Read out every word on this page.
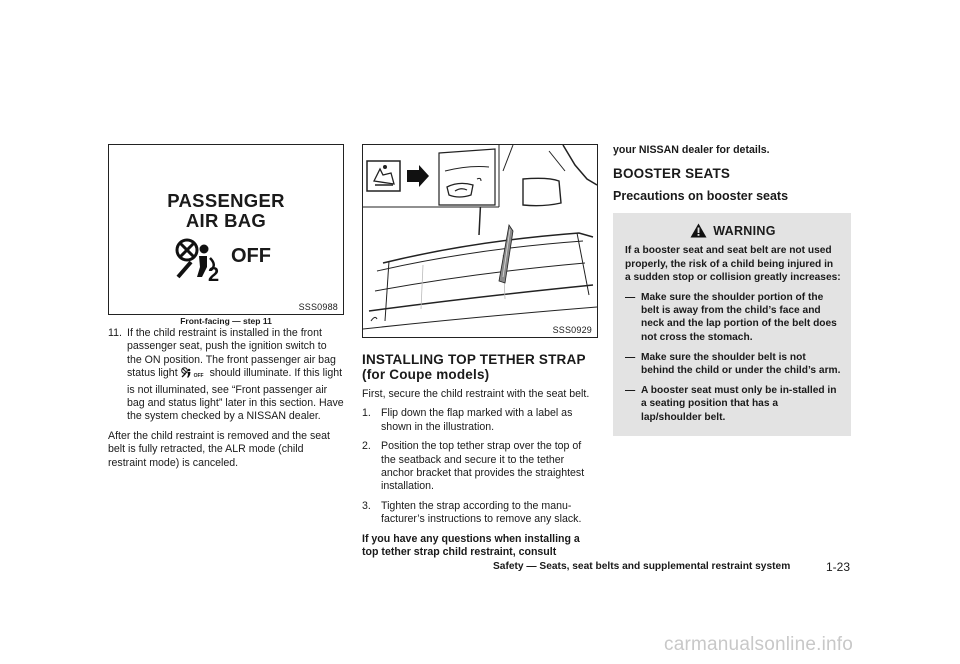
PASSENGER
AIR BAG
2
OFF
SSS0988
Front-facing — step 11
11. If the child restraint is installed in the front passenger seat, push the ignition switch to the ON position. The front passenger air bag status light	OFF should illuminate. If this light is not illuminated, see “Front passenger air bag and status light” later in this section. Have the system checked by a NISSAN dealer.

After the child restraint is removed and the seat belt is fully retracted, the ALR mode (child restraint mode) is canceled.

SSS0929
INSTALLING TOP TETHER STRAP (for Coupe models)

First, secure the child restraint with the seat belt.

1. Flip down the flap marked with a label as shown in the illustration.
2. Position the top tether strap over the top of the seatback and secure it to the tether anchor bracket that provides the straightest installation.
3. Tighten the strap according to the manu-facturer’s instructions to remove any slack.

If you have any questions when installing a top tether strap child restraint, consult

your NISSAN dealer for details.

BOOSTER SEATS
Precautions on booster seats
WARNING

If a booster seat and seat belt are not used properly, the risk of a child being injured in a sudden stop or collision greatly increases:

— Make sure the shoulder portion of the belt is away from the child’s face and neck and the lap portion of the belt does not cross the stomach.
— Make sure the shoulder belt is not behind the child or under the child’s arm.
— A booster seat must only be in-stalled in a seating position that has a lap/shoulder belt.
Safety — Seats, seat belts and supplemental restraint system	1-23
carmanualsonline.info
